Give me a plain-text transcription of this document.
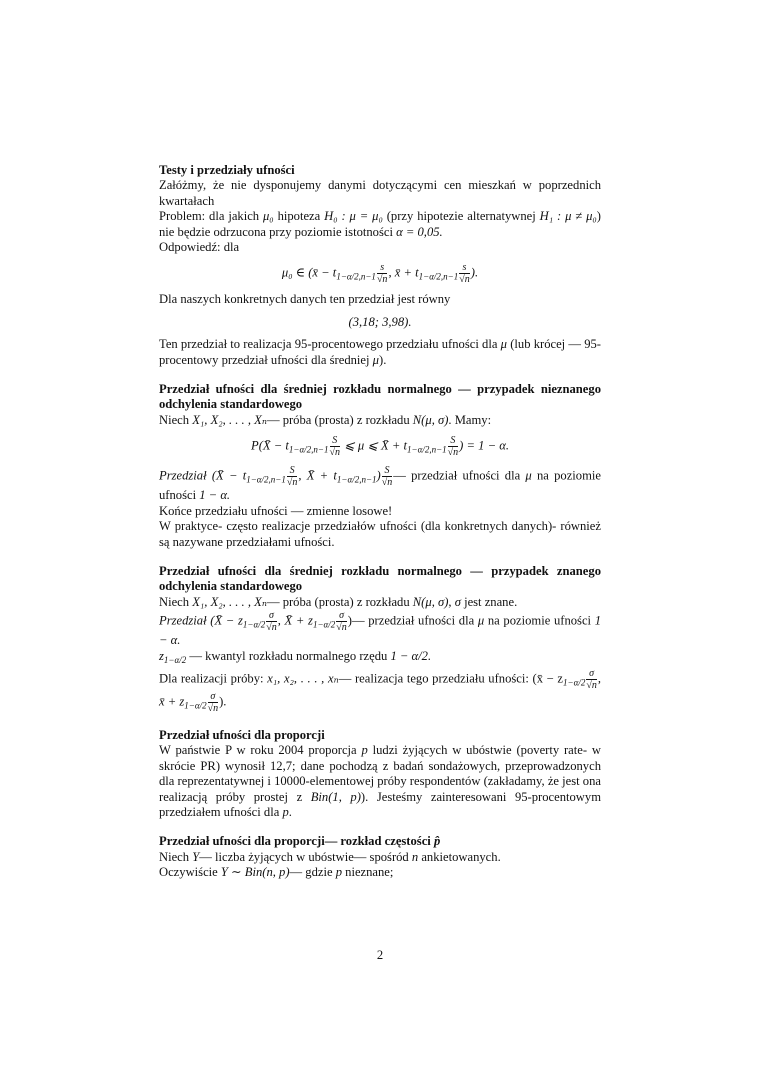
Testy i przedziały ufności

Załóżmy, że nie dysponujemy danymi dotyczącymi cen mieszkań w poprzednich kwartałach

Problem: dla jakich μ₀ hipoteza H₀ : μ = μ₀ (przy hipotezie alternatywnej H₁ : μ ≠ μ₀) nie będzie odrzucona przy poziomie istotności α = 0,05.

Odpowiedź: dla

μ₀ ∈ (x̄ − $t_{1-\alpha/2,n-1} \frac{s}{√n}$ , x̄ + $t_{1-\alpha/2,n-1} \frac{s}{√n}$ ).

Dla naszych konkretnych danych ten przedział jest równy

(3,18; 3,98).

Ten przedział to realizacja 95-procentowego przedziału ufności dla μ (lub krócej — 95-procentowy przedział ufności dla średniej μ).

Przedział ufności dla średniej rozkładu normalnego — przypadek nieznanego odchylenia standardowego

Niech X₁, X₂, . . . , Xₙ— próba (prosta) z rozkładu N(μ, σ). Mamy:

P(X̄ − $t_{1-\alpha/2,n-1} \frac{S}{√n}$ ⩽ μ ⩽ X̄ + $t_{1-\alpha/2,n-1} \frac{S}{√n}$ ) = 1 − α.

Przedział (X̄ − $t_{1-\alpha/2,n-1} \frac{S}{√n}$ , X̄ + $t_{1-\alpha/2,n-1}) \frac{S}{√n}$ — przedział ufności dla μ na poziomie ufności 1 − α.

Końce przedziału ufności — zmienne losowe!

W praktyce- często realizacje przedziałów ufności (dla konkretnych danych)- również są nazywane przedziałami ufności.

Przedział ufności dla średniej rozkładu normalnego — przypadek znanego odchylenia standardowego

Niech X₁, X₂, . . . , Xₙ— próba (prosta) z rozkładu N(μ, σ), σ jest znane.

Przedział (X̄ − $z_{1-\alpha/2} \frac{\sigma}{√n}$ , X̄ + $z_{1-\alpha/2} \frac{\sigma}{√n}$ )— przedział ufności dla μ na poziomie ufności 1 − α.

$z_{1-\alpha/2}$ — kwantyl rozkładu normalnego rzędu 1 − α/2.

Dla realizacji próby: x₁, x₂, . . . , xₙ— realizacja tego przedziału ufności: (x̄ − $z_{1-\alpha/2} \frac{\sigma}{√n}$ , x̄ + $z_{1-\alpha/2} \frac{\sigma}{√n}$ ).

Przedział ufności dla proporcji

W państwie P w roku 2004 proporcja p ludzi żyjących w ubóstwie (poverty rate- w skrócie PR) wynosił 12,7; dane pochodzą z badań sondażowych, przeprowadzonych dla reprezentatywnej i 10000-elementowej próby respondentów (zakładamy, że jest ona realizacją próby prostej z Bin(1, p)). Jesteśmy zainteresowani 95-procentowym przedziałem ufności dla p.

Przedział ufności dla proporcji— rozkład częstości p̂

Niech Y— liczba żyjących w ubóstwie— spośród n ankietowanych.

Oczywiście Y ∼ Bin(n, p)— gdzie p nieznane;

2
